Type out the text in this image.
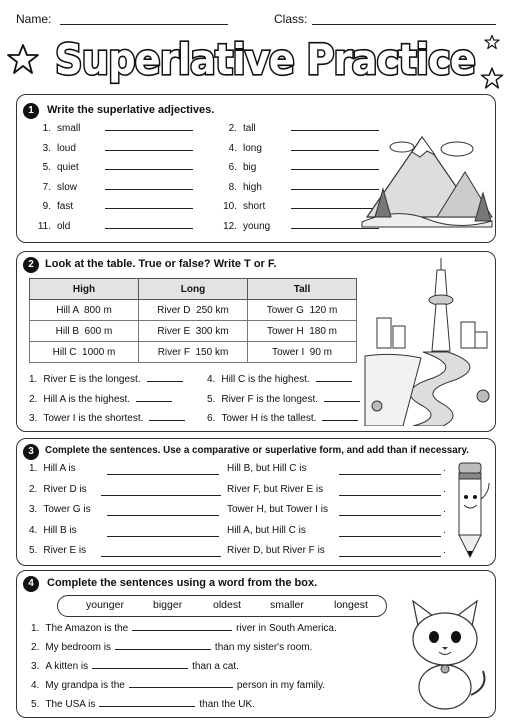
Name:	Class:
Superlative Practice
1	Write the superlative adjectives.
1. small	2. tall
3. loud	4. long
5. quiet	6. big
7. slow	8. high
9. fast	10. short
11. old	12. young
2	Look at the table. True or false? Write T or F.
High	Long	Tall
Hill A  800 m	River D  250 km	Tower G  120 m
Hill B  600 m	River E  300 km	Tower H  180 m
Hill C  1000 m	River F  150 km	Tower I  90 m
1. River E is the longest.	4. Hill C is the highest.
2. Hill A is the highest.	5. River F is the longest.
3. Tower I is the shortest.	6. Tower H is the tallest.
3	Complete the sentences. Use a comparative or superlative form, and add than if necessary.
1. Hill A is	Hill B, but Hill C is	.
2. River D is	River F, but River E is	.
3. Tower G is	Tower H, but Tower I is	.
4. Hill B is	Hill A, but Hill C is	.
5. River E is	River D, but River F is	.
4	Complete the sentences using a word from the box.
younger	bigger	oldest	smaller	longest
1. The Amazon is the	river in South America.
2. My bedroom is	than my sister's room.
3. A kitten is	than a cat.
4. My grandpa is the	person in my family.
5. The USA is	than the UK.
